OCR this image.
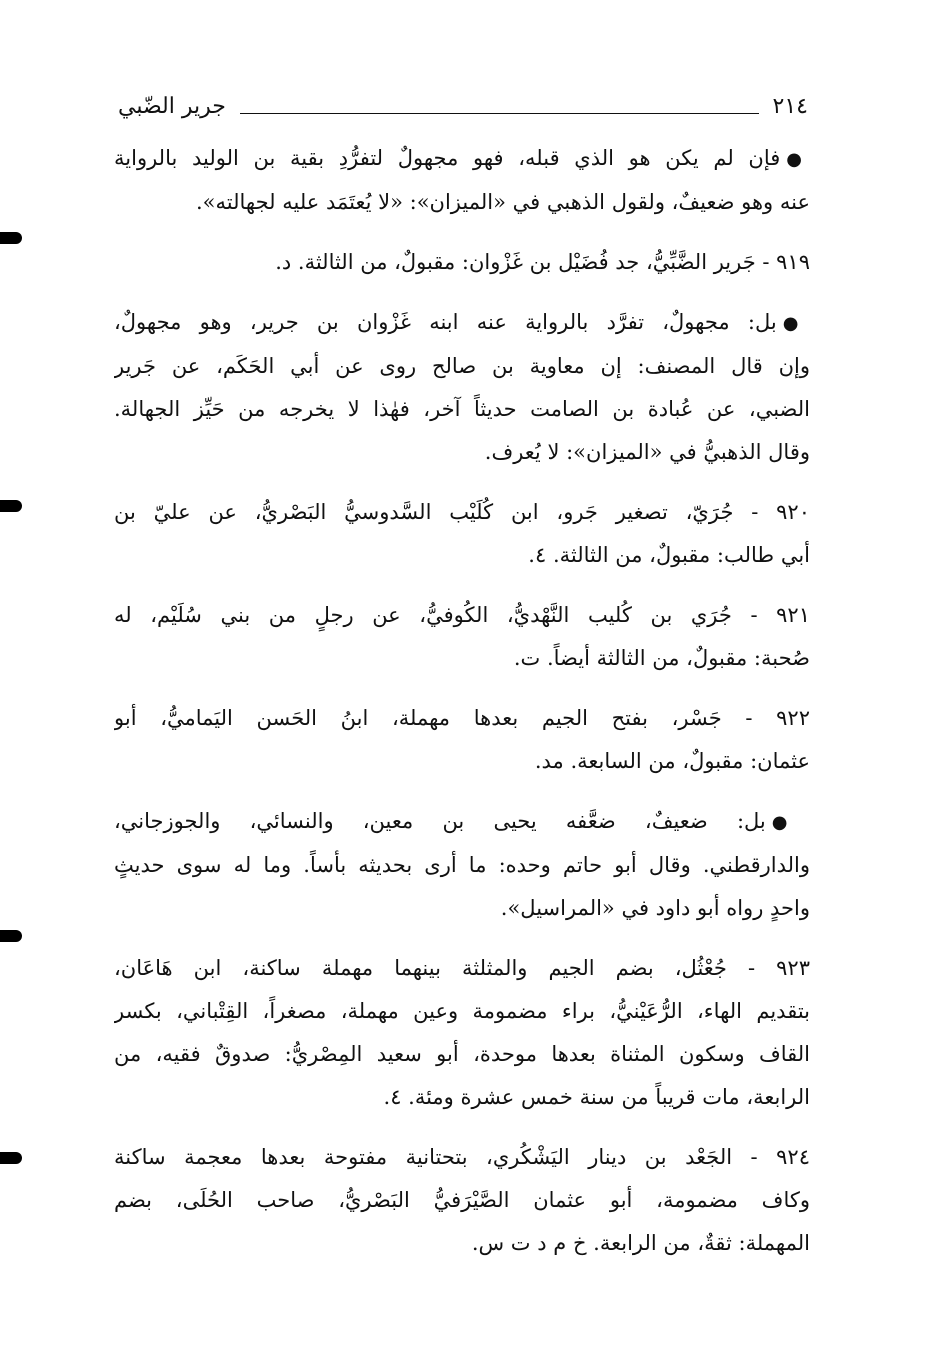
٢١٤
جرير الضّبي
●فإن لم يكن هو الذي قبله، فهو مجهولٌ لتفرُّدِ بقية بن الوليد بالرواية
عنه وهو ضعيفٌ، ولقول الذهبي في «الميزان»: «لا يُعتَمَد عليه لجهالته».
٩١٩ - جَرير الضَّبِّيُّ، جد فُضَيْل بن غَزْوان: مقبولٌ، من الثالثة. د.
●بل: مجهولٌ، تفرَّد بالرواية عنه ابنه غَزْوان بن جرير، وهو مجهولٌ،
وإن قال المصنف: إن معاوية بن صالح روى عن أبي الحَكَم، عن جَرير
الضبي، عن عُبادة بن الصامت حديثاً آخر، فهٰذا لا يخرجه من حَيِّز الجهالة.
وقال الذهبيُّ في «الميزان»: لا يُعرف.
٩٢٠ - جُرَيّ، تصغير جَرو، ابن كُلَيْب السَّدوسيُّ البَصْريُّ، عن عليّ بن
أبي طالب: مقبولٌ، من الثالثة. ٤.
٩٢١ - جُرَي بن كُليب النَّهْديُّ، الكُوفيُّ، عن رجلٍ من بني سُلَيْم، له
صُحبة: مقبولٌ، من الثالثة أيضاً. ت.
٩٢٢ - جَسْر، بفتح الجيم بعدها مهملة، ابنُ الحَسن اليَماميُّ، أبو
عثمان: مقبولٌ، من السابعة. مد.
●بل: ضعيفٌ، ضعَّفه يحيى بن معين، والنسائي، والجوزجاني،
والدارقطني. وقال أبو حاتم وحده: ما أرى بحديثه بأساً. وما له سوى حديثٍ
واحدٍ رواه أبو داود في «المراسيل».
٩٢٣ - جُعْثُل، بضم الجيم والمثلثة بينهما مهملة ساكنة، ابن هَاعَان،
بتقديم الهاء، الرُّعَيْنيُّ، براء مضمومة وعين مهملة، مصغراً، القِتْباني، بكسر
القاف وسكون المثناة بعدها موحدة، أبو سعيد المِصْريُّ: صدوقٌ فقيه، من
الرابعة، مات قريباً من سنة خمس عشرة ومئة. ٤.
٩٢٤ - الجَعْد بن دينار اليَشْكُري، بتحتانية مفتوحة بعدها معجمة ساكنة
وكاف مضمومة، أبو عثمان الصَّيْرَفيُّ البَصْريُّ، صاحب الحُلَى، بضم
المهملة: ثقةٌ، من الرابعة. خ م د ت س.
